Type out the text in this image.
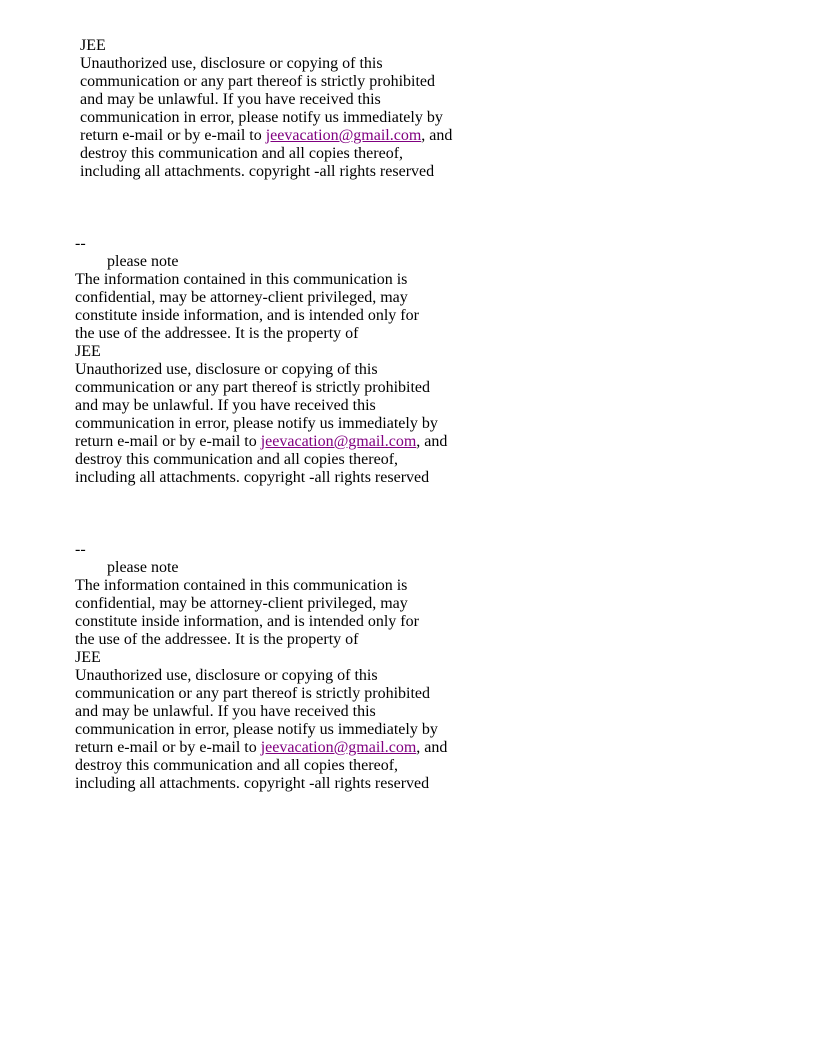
JEE
Unauthorized use, disclosure or copying of this
communication or any part thereof is strictly prohibited
and may be unlawful. If you have received this
communication in error, please notify us immediately by
return e-mail or by e-mail to jeevacation@gmail.com, and
destroy this communication and all copies thereof,
including all attachments. copyright -all rights reserved
--
please note
The information contained in this communication is
confidential, may be attorney-client privileged, may
constitute inside information, and is intended only for
the use of the addressee. It is the property of
JEE
Unauthorized use, disclosure or copying of this
communication or any part thereof is strictly prohibited
and may be unlawful. If you have received this
communication in error, please notify us immediately by
return e-mail or by e-mail to jeevacation@gmail.com, and
destroy this communication and all copies thereof,
including all attachments. copyright -all rights reserved
--
please note
The information contained in this communication is
confidential, may be attorney-client privileged, may
constitute inside information, and is intended only for
the use of the addressee. It is the property of
JEE
Unauthorized use, disclosure or copying of this
communication or any part thereof is strictly prohibited
and may be unlawful. If you have received this
communication in error, please notify us immediately by
return e-mail or by e-mail to jeevacation@gmail.com, and
destroy this communication and all copies thereof,
including all attachments. copyright -all rights reserved
